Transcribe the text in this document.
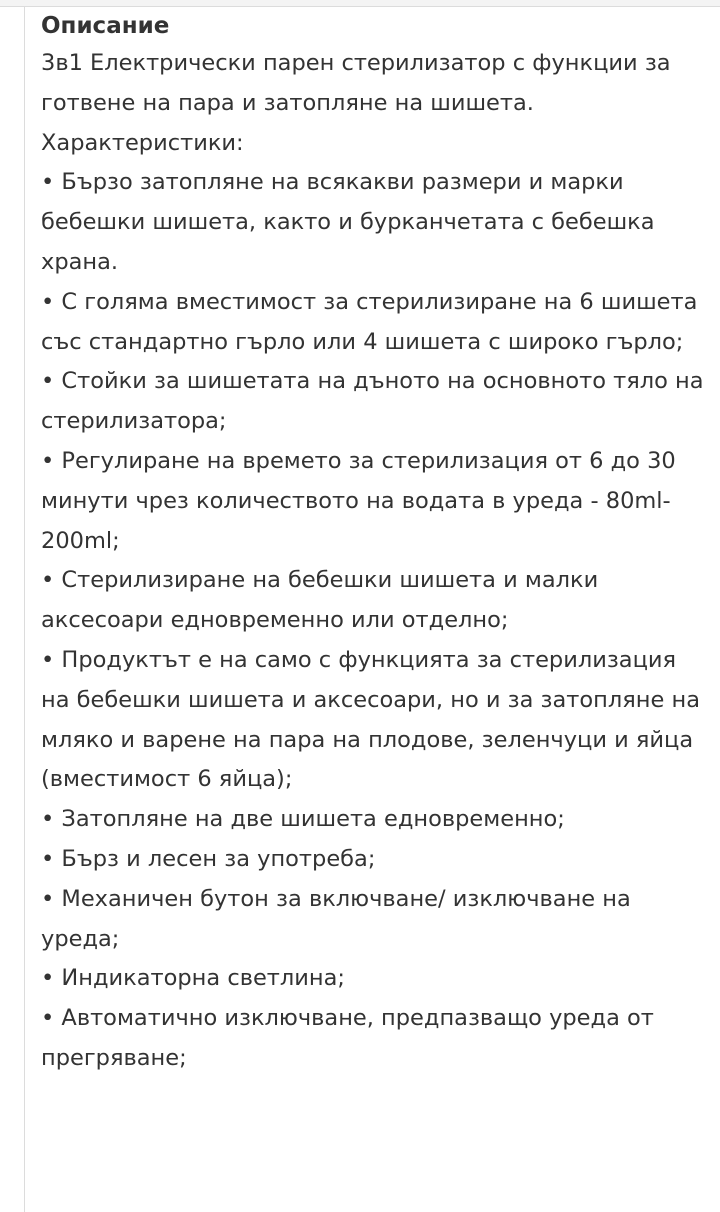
Описание

3в1 Електрически парен стерилизатор с функции за готвене на пара и затопляне на шишета.

Характеристики:

• Бързо затопляне на всякакви размери и марки бебешки шишета, както и бурканчетата с бебешка храна.

• С голяма вместимост за стерилизиране на 6 шишета със стандартно гърло или 4 шишета с широко гърло;

• Стойки за шишетата на дъното на основното тяло на стерилизатора;

• Регулиране на времето за стерилизация от 6 до 30 минути чрез количеството на водата в уреда - 80ml-200ml;

• Стерилизиране на бебешки шишета и малки аксесоари едновременно или отделно;

• Продуктът е на само с функцията за стерилизация на бебешки шишета и аксесоари, но и за затопляне на мляко и варене на пара на плодове, зеленчуци и яйца (вместимост 6 яйца);

• Затопляне на две шишета едновременно;

• Бърз и лесен за употреба;

• Механичен бутон за включване/ изключване на уреда;

• Индикаторна светлина;

• Автоматично изключване, предпазващо уреда от прегряване;
